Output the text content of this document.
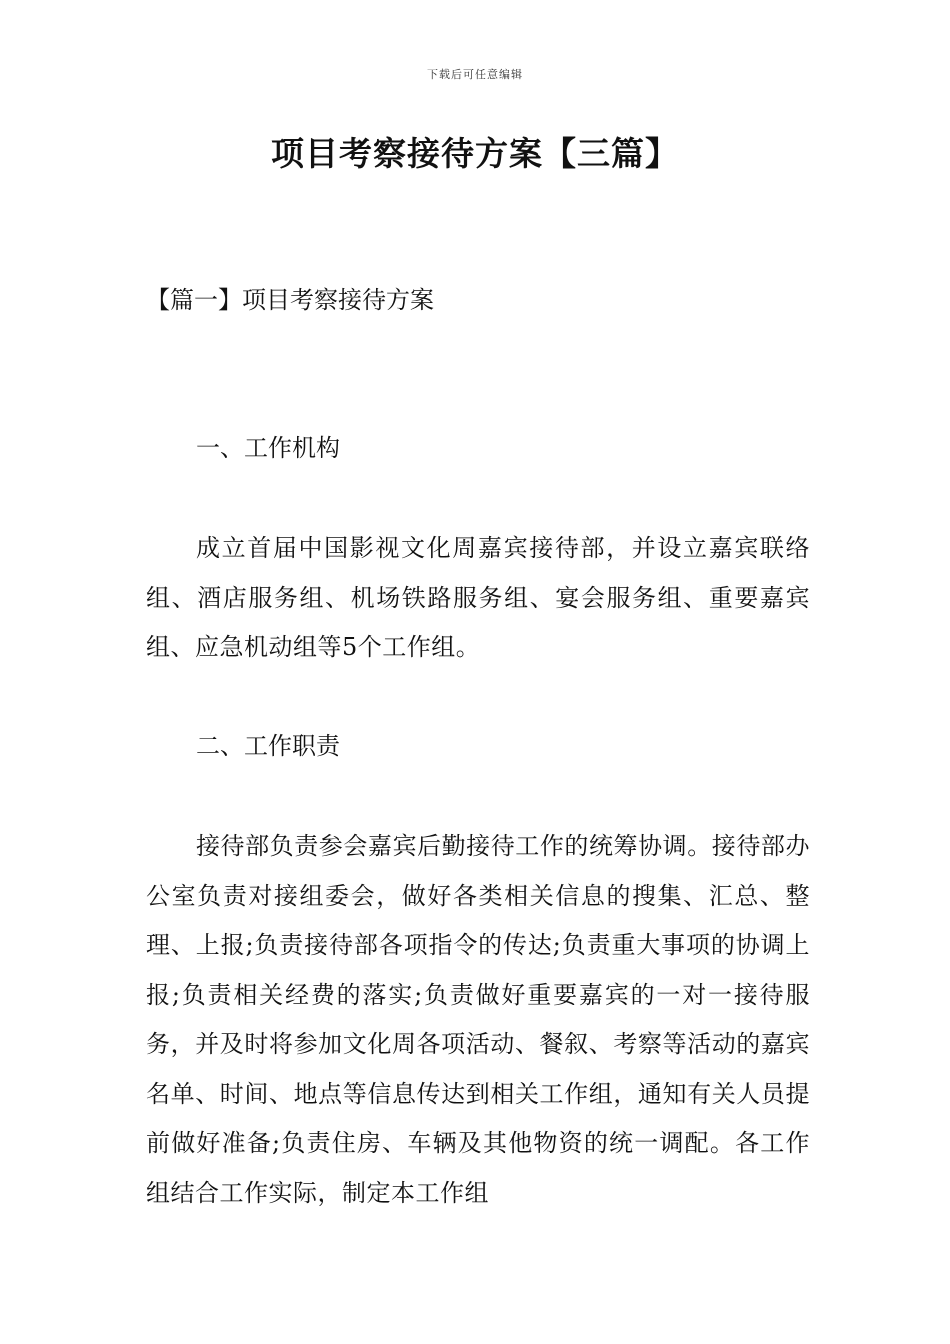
下载后可任意编辑
项目考察接待方案【三篇】
【篇一】项目考察接待方案
一、工作机构
成立首届中国影视文化周嘉宾接待部，并设立嘉宾联络组、酒店服务组、机场铁路服务组、宴会服务组、重要嘉宾组、应急机动组等5个工作组。
二、工作职责
接待部负责参会嘉宾后勤接待工作的统筹协调。接待部办公室负责对接组委会，做好各类相关信息的搜集、汇总、整理、上报;负责接待部各项指令的传达;负责重大事项的协调上报;负责相关经费的落实;负责做好重要嘉宾的一对一接待服务，并及时将参加文化周各项活动、餐叙、考察等活动的嘉宾名单、时间、地点等信息传达到相关工作组，通知有关人员提前做好准备;负责住房、车辆及其他物资的统一调配。各工作组结合工作实际，制定本工作组
